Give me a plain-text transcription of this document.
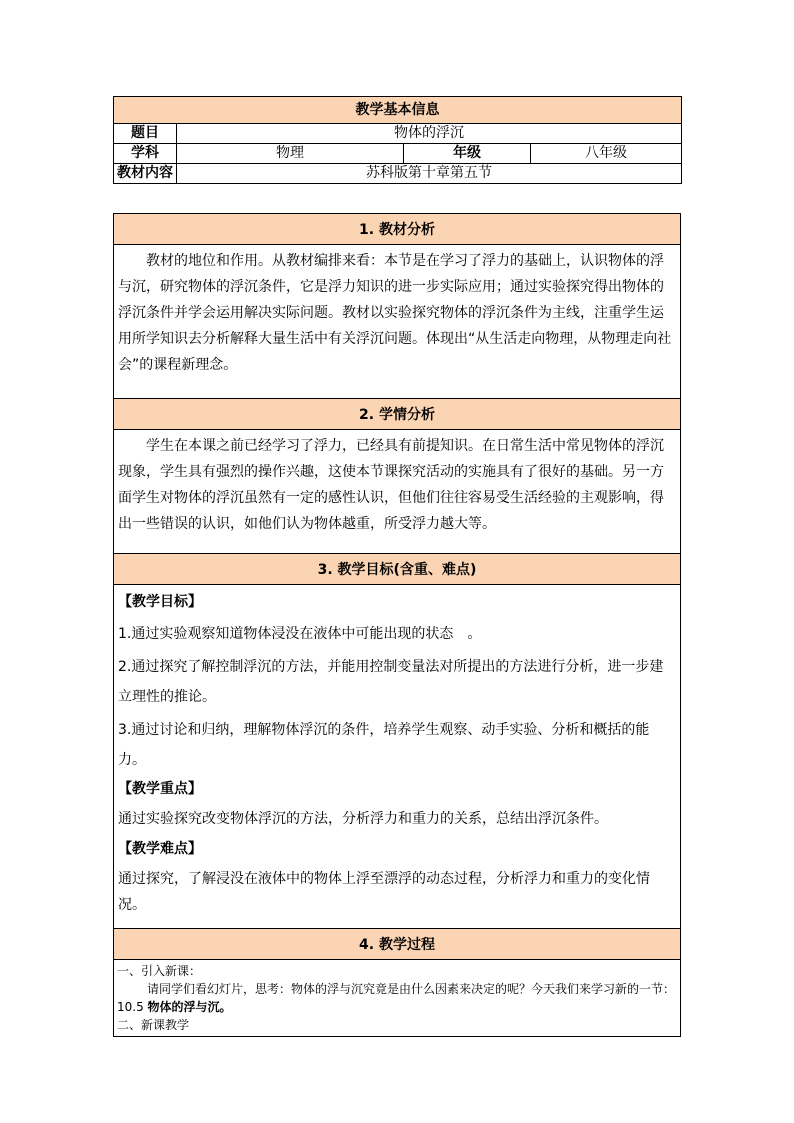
教学基本信息			
题目	物体的浮沉		
学科	物理	年级	八年级
教材内容	苏科版第十章第五节		
1. 教材分析

教材的地位和作用。从教材编排来看：本节是在学习了浮力的基础上，认识物体的浮与沉，研究物体的浮沉条件，它是浮力知识的进一步实际应用；通过实验探究得出物体的浮沉条件并学会运用解决实际问题。教材以实验探究物体的浮沉条件为主线，注重学生运用所学知识去分析解释大量生活中有关浮沉问题。体现出“从生活走向物理，从物理走向社会”的课程新理念。

2. 学情分析

学生在本课之前已经学习了浮力，已经具有前提知识。在日常生活中常见物体的浮沉现象，学生具有强烈的操作兴趣，这使本节课探究活动的实施具有了很好的基础。另一方面学生对物体的浮沉虽然有一定的感性认识，但他们往往容易受生活经验的主观影响，得出一些错误的认识，如他们认为物体越重，所受浮力越大等。

3. 教学目标(含重、难点)

【教学目标】
1.通过实验观察知道物体浸没在液体中可能出现的状态　。
2.通过探究了解控制浮沉的方法，并能用控制变量法对所提出的方法进行分析，进一步建立理性的推论。
3.通过讨论和归纳，理解物体浮沉的条件，培养学生观察、动手实验、分析和概括的能力。
【教学重点】
通过实验探究改变物体浮沉的方法，分析浮力和重力的关系，总结出浮沉条件。
【教学难点】
通过探究，了解浸没在液体中的物体上浮至漂浮的动态过程，分析浮力和重力的变化情况。

4. 教学过程

一、引入新课：
请同学们看幻灯片，思考：物体的浮与沉究竟是由什么因素来决定的呢？今天我们来学习新的一节：10.5 物体的浮与沉。
二、新课教学
